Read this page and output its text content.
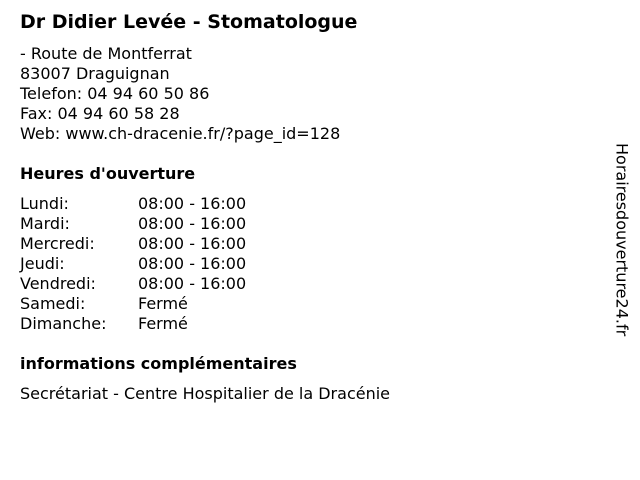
Dr Didier Levée - Stomatologue
- Route de Montferrat
83007 Draguignan
Telefon: 04 94 60 50 86
Fax: 04 94 60 58 28
Web: www.ch-dracenie.fr/?page_id=128
Heures d'ouverture
Lundi:	08:00 - 16:00
Mardi:	08:00 - 16:00
Mercredi:	08:00 - 16:00
Jeudi:	08:00 - 16:00
Vendredi:	08:00 - 16:00
Samedi:	Fermé
Dimanche:	Fermé
informations complémentaires
Secrétariat - Centre Hospitalier de la Dracénie
Horairesdouverture24.fr
